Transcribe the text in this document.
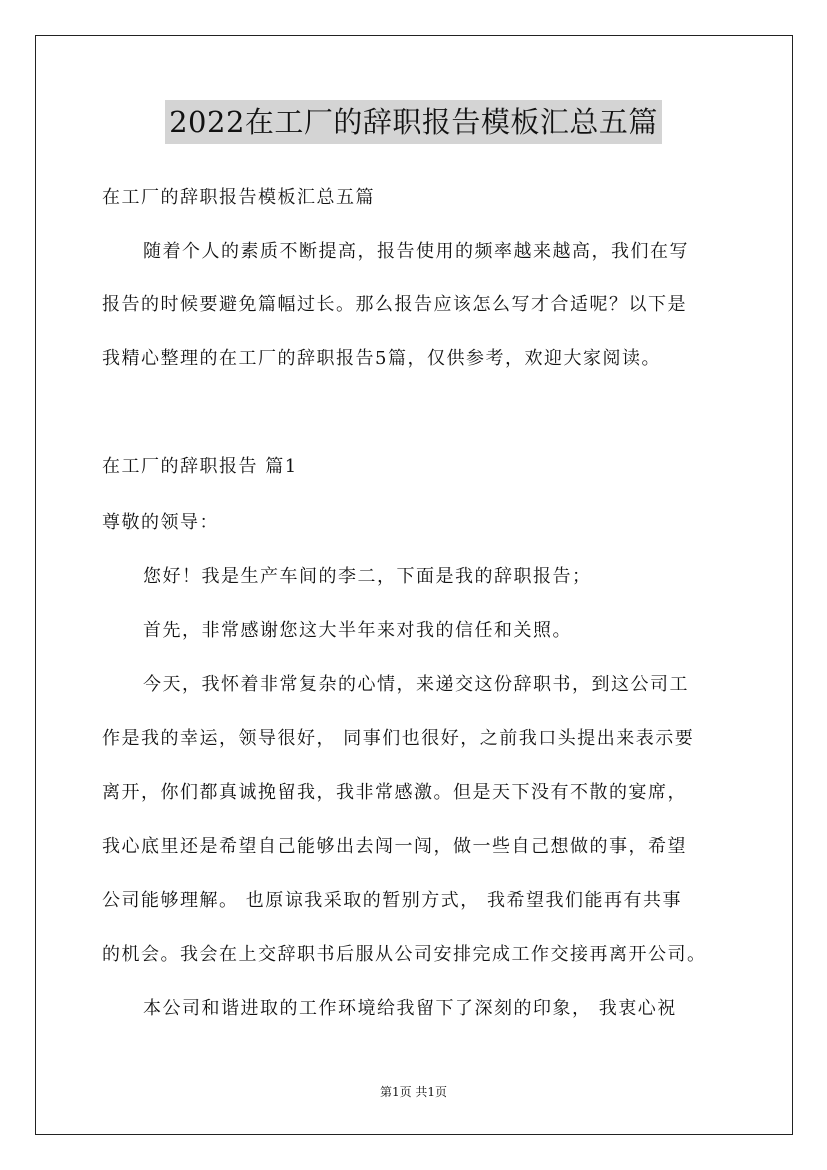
2022在工厂的辞职报告模板汇总五篇
在工厂的辞职报告模板汇总五篇
随着个人的素质不断提高，报告使用的频率越来越高，我们在写
报告的时候要避免篇幅过长。那么报告应该怎么写才合适呢？以下是
我精心整理的在工厂的辞职报告5篇，仅供参考，欢迎大家阅读。
在工厂的辞职报告 篇1
尊敬的领导：
您好！我是生产车间的李二，下面是我的辞职报告；
首先，非常感谢您这大半年来对我的信任和关照。
今天，我怀着非常复杂的心情，来递交这份辞职书，到这公司工
作是我的幸运，领导很好， 同事们也很好，之前我口头提出来表示要
离开，你们都真诚挽留我，我非常感激。但是天下没有不散的宴席，
我心底里还是希望自己能够出去闯一闯，做一些自己想做的事，希望
公司能够理解。 也原谅我采取的暂别方式， 我希望我们能再有共事
的机会。我会在上交辞职书后服从公司安排完成工作交接再离开公司。
本公司和谐进取的工作环境给我留下了深刻的印象， 我衷心祝
第1页 共1页
